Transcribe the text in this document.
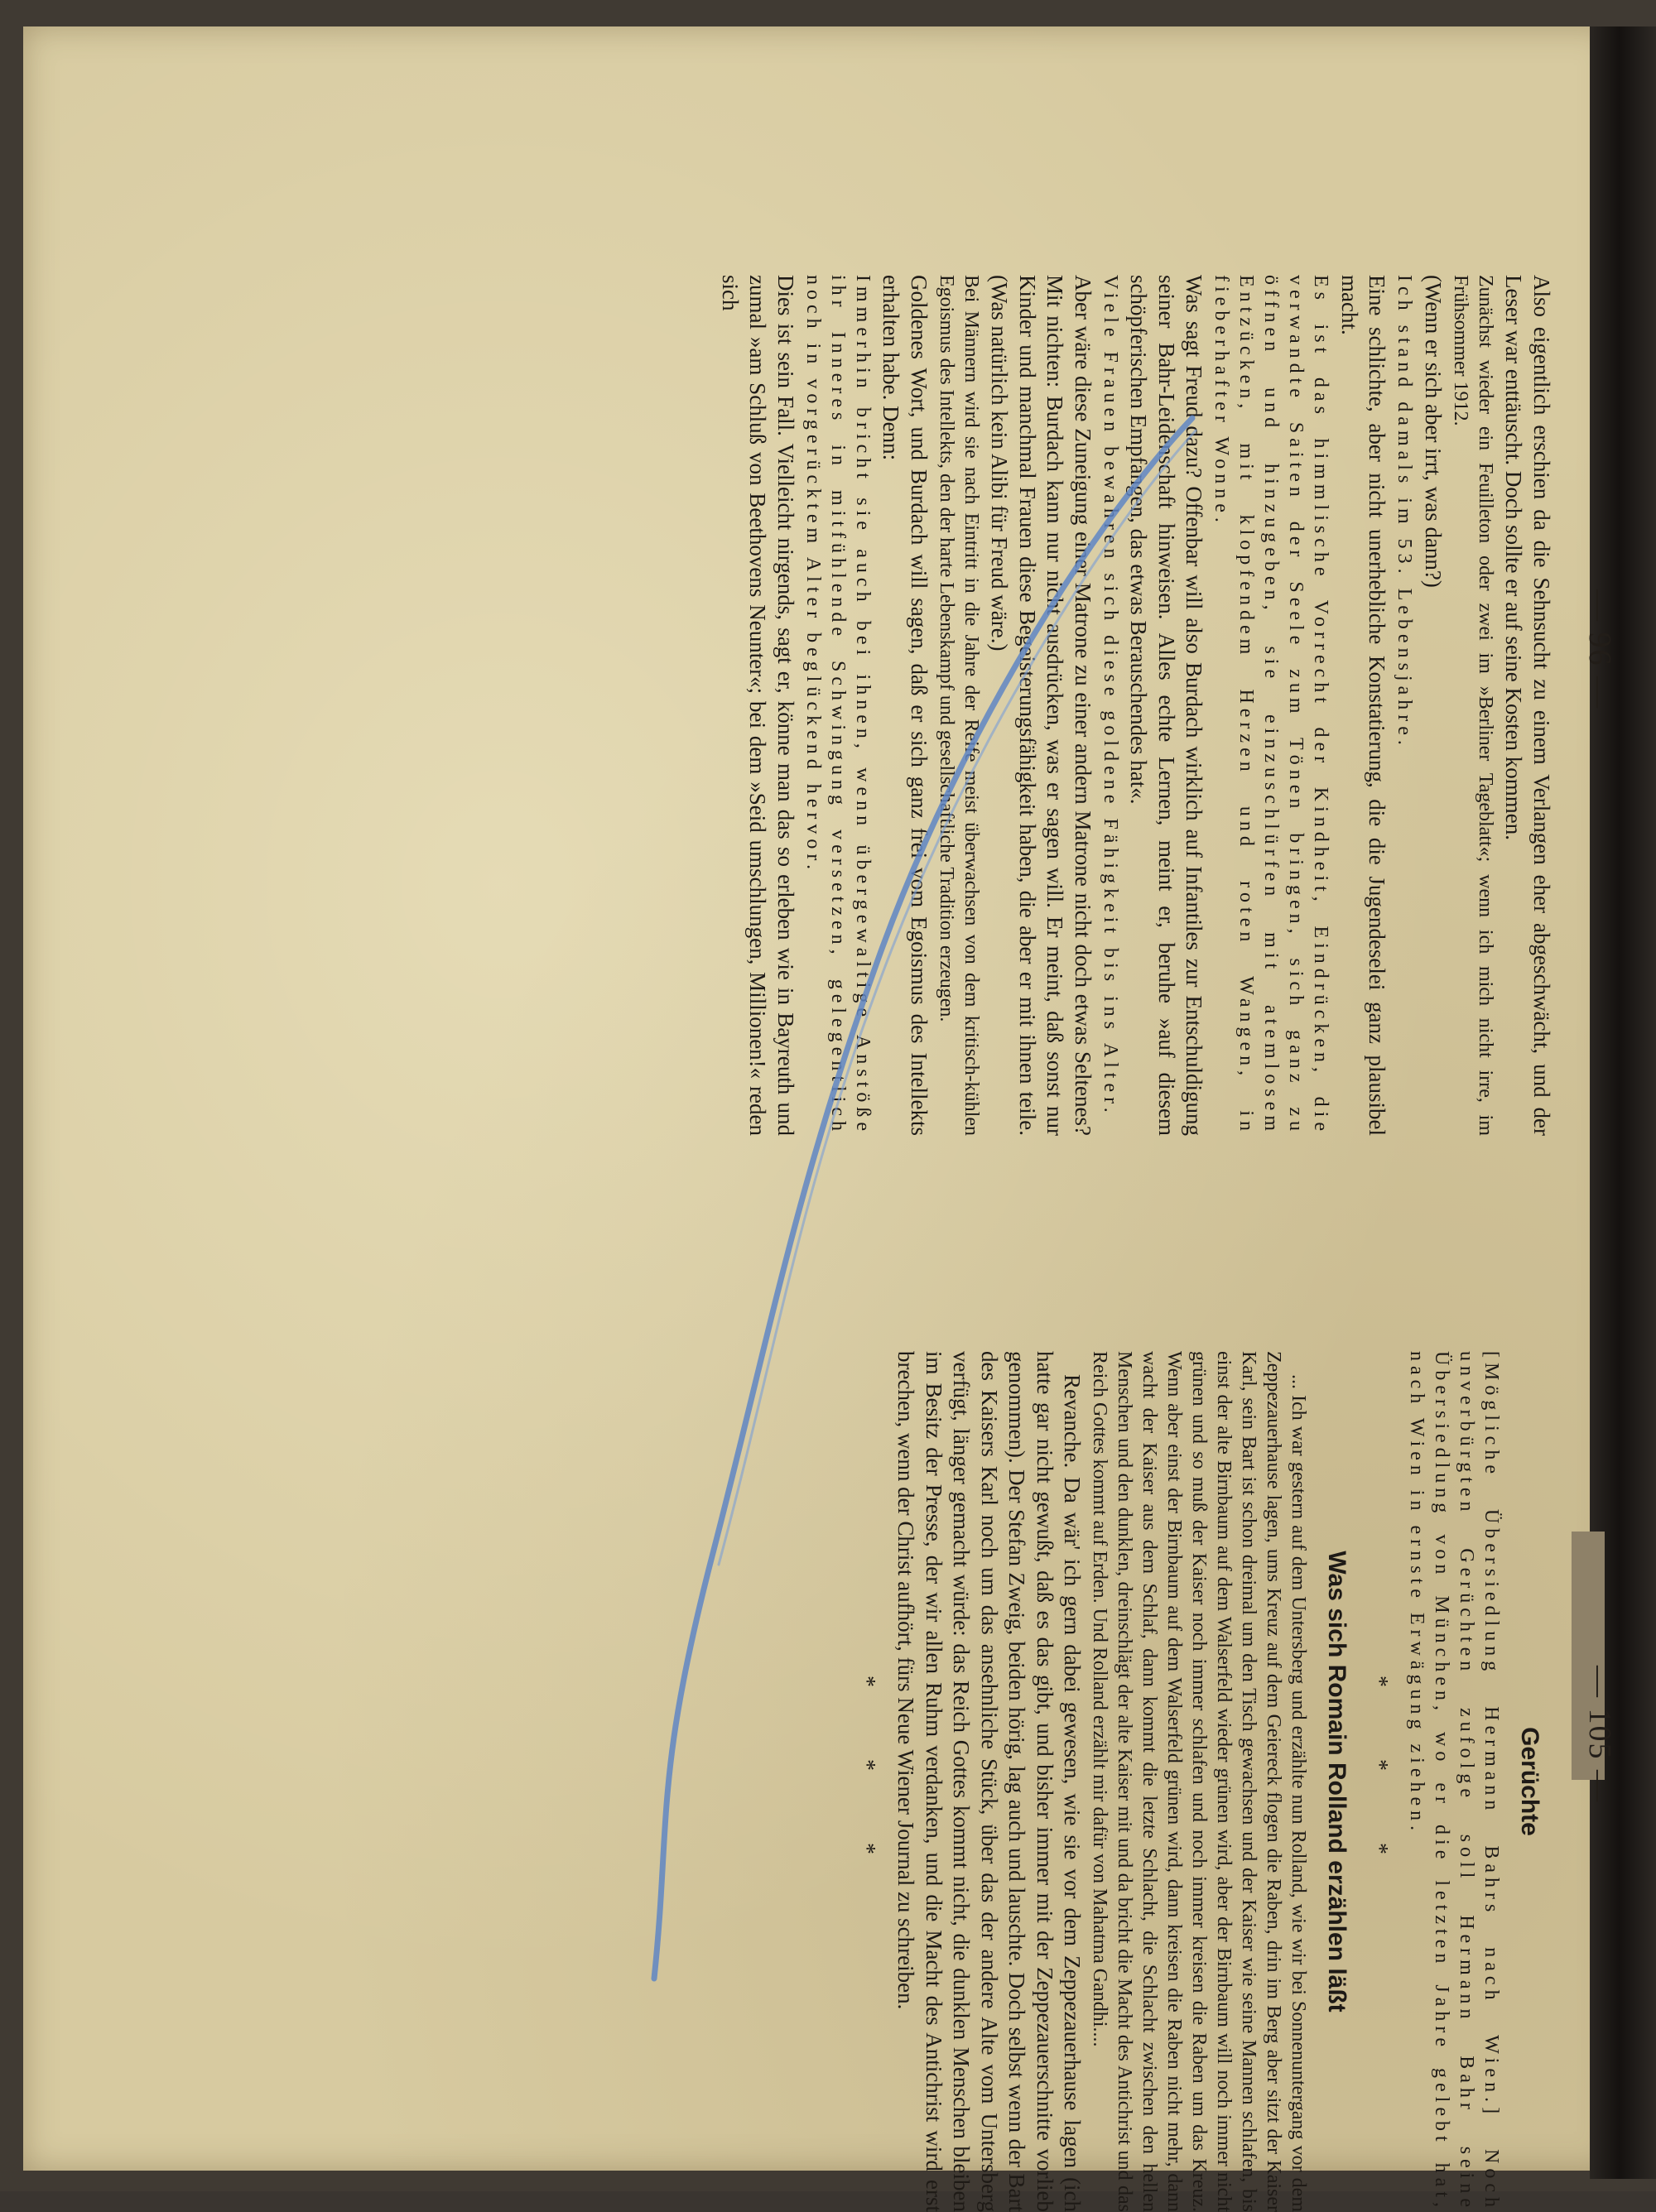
— 96 —

Also eigentlich erschien da die Sehnsucht zu einem Verlangen eher abgeschwächt, und der Leser war enttäuscht. Doch sollte er auf seine Kosten kommen.

Zunächst wieder ein Feuilleton oder zwei im »Berliner Tageblatt«; wenn ich mich nicht irre, im Frühsommer 1912.

(Wenn er sich aber irrt, was dann?)

Ich stand damals im 53. Lebensjahre.

Eine schlichte, aber nicht unerhebliche Konstatierung, die die Jugendeselei ganz plausibel macht.

Es ist das himmlische Vorrecht der Kindheit, Eindrücken, die verwandte Saiten der Seele zum Tönen bringen, sich ganz zu öffnen und hinzugeben, sie einzuschlürfen mit atemlosem Entzücken, mit klopfendem Herzen und roten Wangen, in fieberhafter Wonne.

Was sagt Freud dazu? Offenbar will also Burdach wirklich auf Infantiles zur Entschuldigung seiner Bahr-Leidenschaft hinweisen. Alles echte Lernen, meint er, beruhe »auf diesem schöpferischen Empfangen, das etwas Berauschendes hat«.

Viele Frauen bewahren sich diese goldene Fähigkeit bis ins Alter.

Aber wäre diese Zuneigung einer Matrone zu einer andern Matrone nicht doch etwas Seltenes? Mit nichten: Burdach kann nur nicht ausdrücken, was er sagen will. Er meint, daß sonst nur Kinder und manchmal Frauen diese Begeisterungsfähigkeit haben, die aber er mit ihnen teile. (Was natürlich kein Alibi für Freud wäre.)

Bei Männern wird sie nach Eintritt in die Jahre der Reife meist überwachsen von dem kritisch-kühlen Egoismus des Intellekts, den der harte Lebenskampf und gesellschaftliche Tradition erzeugen.

Goldenes Wort, und Burdach will sagen, daß er sich ganz frei vom Egoismus des Intellekts erhalten habe. Denn:

Immerhin bricht sie auch bei ihnen, wenn übergewaltige Anstöße ihr Inneres in mitfühlende Schwingung versetzen, gelegentlich noch in vorgerücktem Alter beglückend hervor.

Dies ist sein Fall. Vielleicht nirgends, sagt er, könne man das so erleben wie in Bayreuth und zumal »am Schluß von Beethovens Neunter«; bei dem »Seid umschlungen, Millionen!« reden sich

— 105 —
Gerüchte

[Mögliche Übersiedlung Hermann Bahrs nach Wien.] Noch unverbürgten Gerüchten zufolge soll Hermann Bahr seine Übersiedlung von München, wo er die letzten Jahre gelebt hat, nach Wien in ernste Erwägung ziehen.

* * *
Was sich Romain Rolland erzählen läßt

... Ich war gestern auf dem Untersberg und erzählte nun Rolland, wie wir bei Sonnenuntergang vor dem Zeppezauerhause lagen, ums Kreuz auf dem Geiereck flogen die Raben, drin im Berg aber sitzt der Kaiser Karl, sein Bart ist schon dreimal um den Tisch gewachsen und der Kaiser wie seine Mannen schlafen, bis einst der alte Birnbaum auf dem Walserfeld wieder grünen wird, aber der Birnbaum will noch immer nicht grünen und so muß der Kaiser noch immer schlafen und noch immer kreisen die Raben um das Kreuz. Wenn aber einst der Birnbaum auf dem Walserfeld grünen wird, dann kreisen die Raben nicht mehr, dann wacht der Kaiser aus dem Schlaf, dann kommt die letzte Schlacht, die Schlacht zwischen den hellen Menschen und den dunklen, dreinschlägt der alte Kaiser mit und da bricht die Macht des Antichrist und das Reich Gottes kommt auf Erden. Und Rolland erzählt mir dafür von Mahatma Gandhi....

Revanche. Da wär' ich gern dabei gewesen, wie sie vor dem Zeppezauerhause lagen (ich hatte gar nicht gewußt, daß es das gibt, und bisher immer mit der Zeppezauerschnitte vorlieb genommen). Der Stefan Zweig, beiden hörig, lag auch und lauschte. Doch selbst wenn der Bart des Kaisers Karl noch um das ansehnliche Stück, über das der andere Alte vom Untersberg verfügt, länger gemacht würde: das Reich Gottes kommt nicht, die dunklen Menschen bleiben im Besitz der Presse, der wir allen Ruhm verdanken, und die Macht des Antichrist wird erst brechen, wenn der Christ aufhört, fürs Neue Wiener Journal zu schreiben.

* * *
